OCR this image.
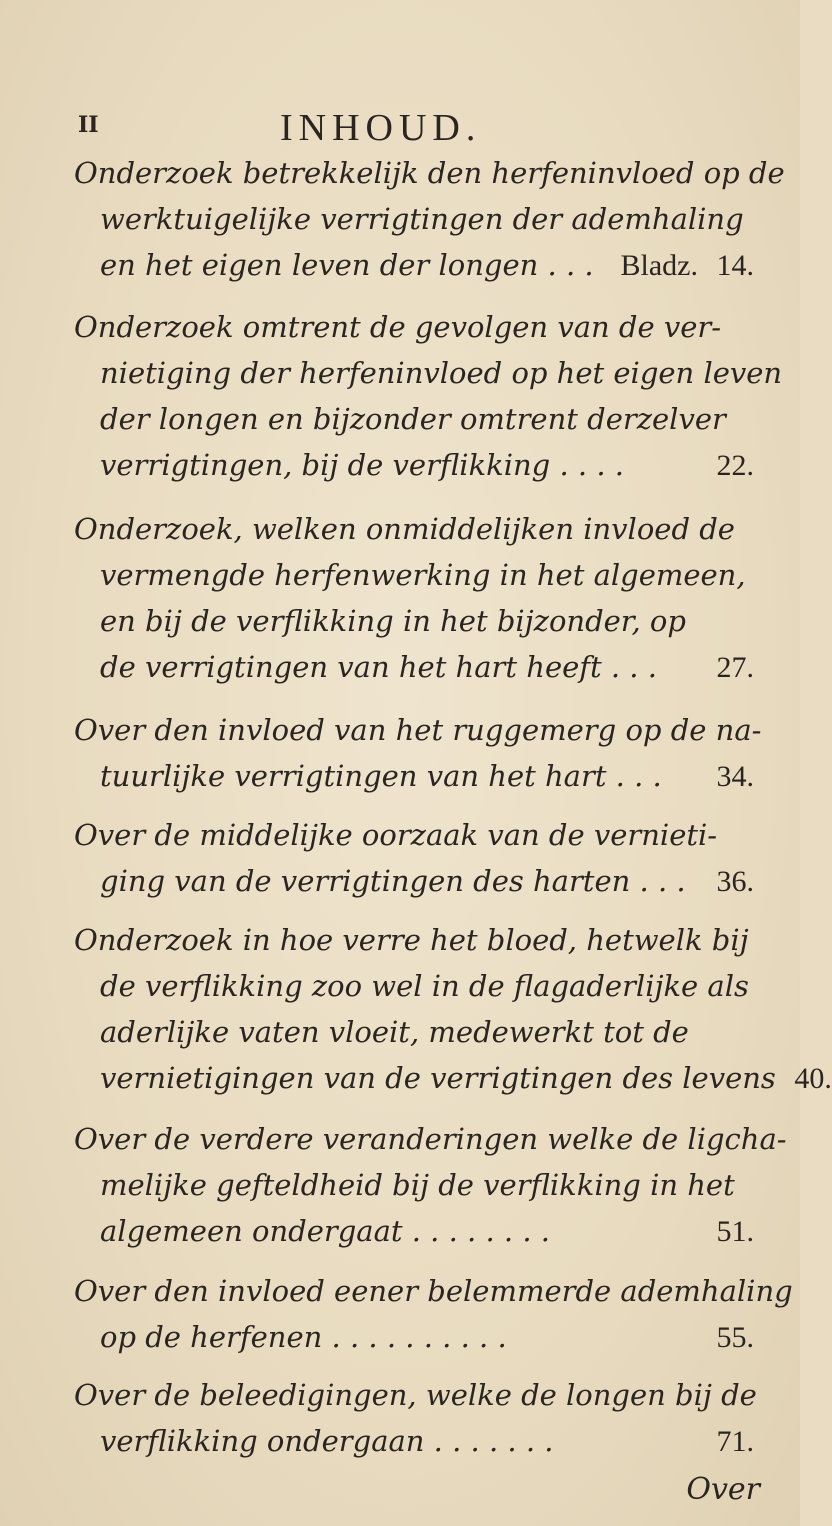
II	INHOUD.
Onderzoek betrekkelijk den herfeninvloed op de
werktuigelijke verrigtingen der ademhaling
en het eigen leven der longen . . . Bladz. 14.
Onderzoek omtrent de gevolgen van de ver-
nietiging der herfeninvloed op het eigen leven
der longen en bijzonder omtrent derzelver
verrigtingen, bij de verflikking . . . .	22.
Onderzoek, welken onmiddelijken invloed de
vermengde herfenwerking in het algemeen,
en bij de verflikking in het bijzonder, op
de verrigtingen van het hart heeft . . .	27.
Over den invloed van het ruggemerg op de na-
tuurlijke verrigtingen van het hart . . .	34.
Over de middelijke oorzaak van de vernieti-
ging van de verrigtingen des harten . . .	36.
Onderzoek in hoe verre het bloed, hetwelk bij
de verflikking zoo wel in de flagaderlijke als
aderlijke vaten vloeit, medewerkt tot de
vernietigingen van de verrigtingen des levens 40.
Over de verdere veranderingen welke de ligcha-
melijke gefteldheid bij de verflikking in het
algemeen ondergaat . . . . . . . .	51.
Over den invloed eener belemmerde ademhaling
op de herfenen . . . . . . . . . .	55.
Over de beleedigingen, welke de longen bij de
verflikking ondergaan . . . . . . .	71.
Over
